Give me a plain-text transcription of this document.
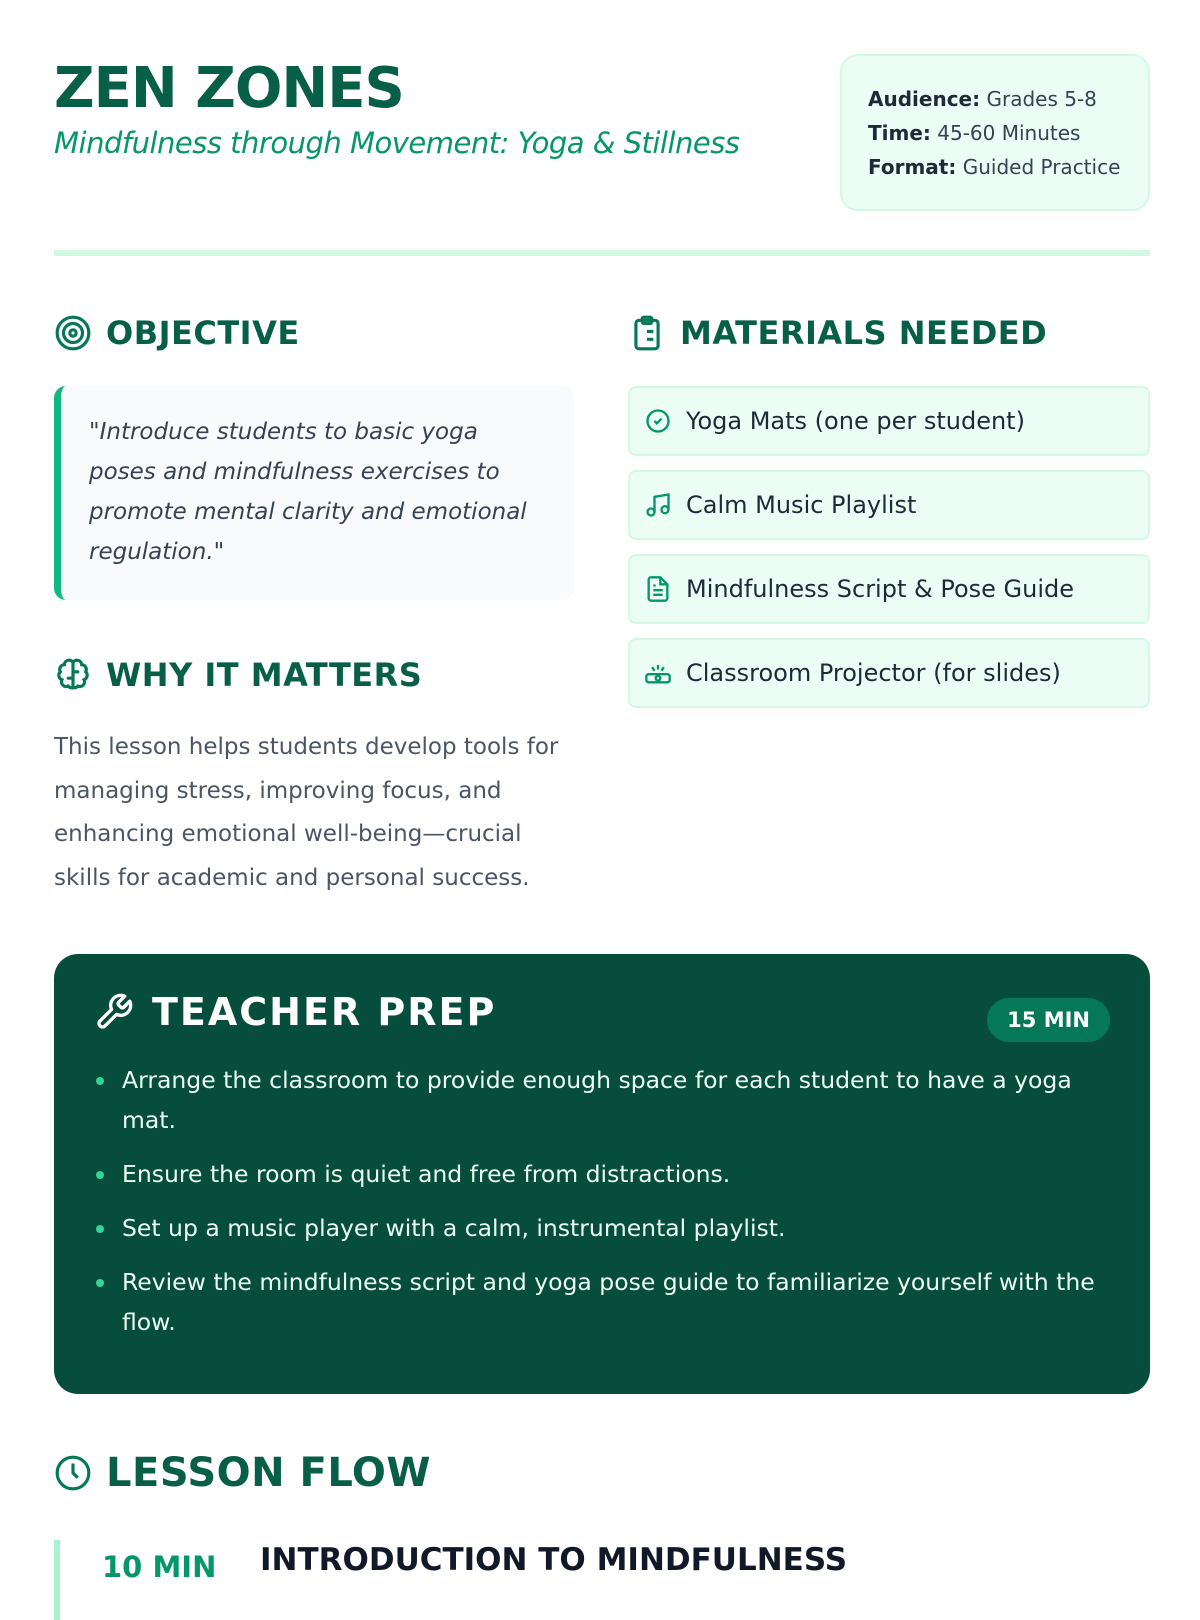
ZEN ZONES
Mindfulness through Movement: Yoga & Stillness
Audience: Grades 5-8
Time: 45-60 Minutes
Format: Guided Practice
OBJECTIVE
"Introduce students to basic yoga poses and mindfulness exercises to promote mental clarity and emotional regulation."
WHY IT MATTERS
This lesson helps students develop tools for managing stress, improving focus, and enhancing emotional well-being—crucial skills for academic and personal success.
MATERIALS NEEDED
Yoga Mats (one per student)
Calm Music Playlist
Mindfulness Script & Pose Guide
Classroom Projector (for slides)
TEACHER PREP	15 MIN
Arrange the classroom to provide enough space for each student to have a yoga mat.
Ensure the room is quiet and free from distractions.
Set up a music player with a calm, instrumental playlist.
Review the mindfulness script and yoga pose guide to familiarize yourself with the flow.
LESSON FLOW
10 MIN INTRODUCTION TO MINDFULNESS
